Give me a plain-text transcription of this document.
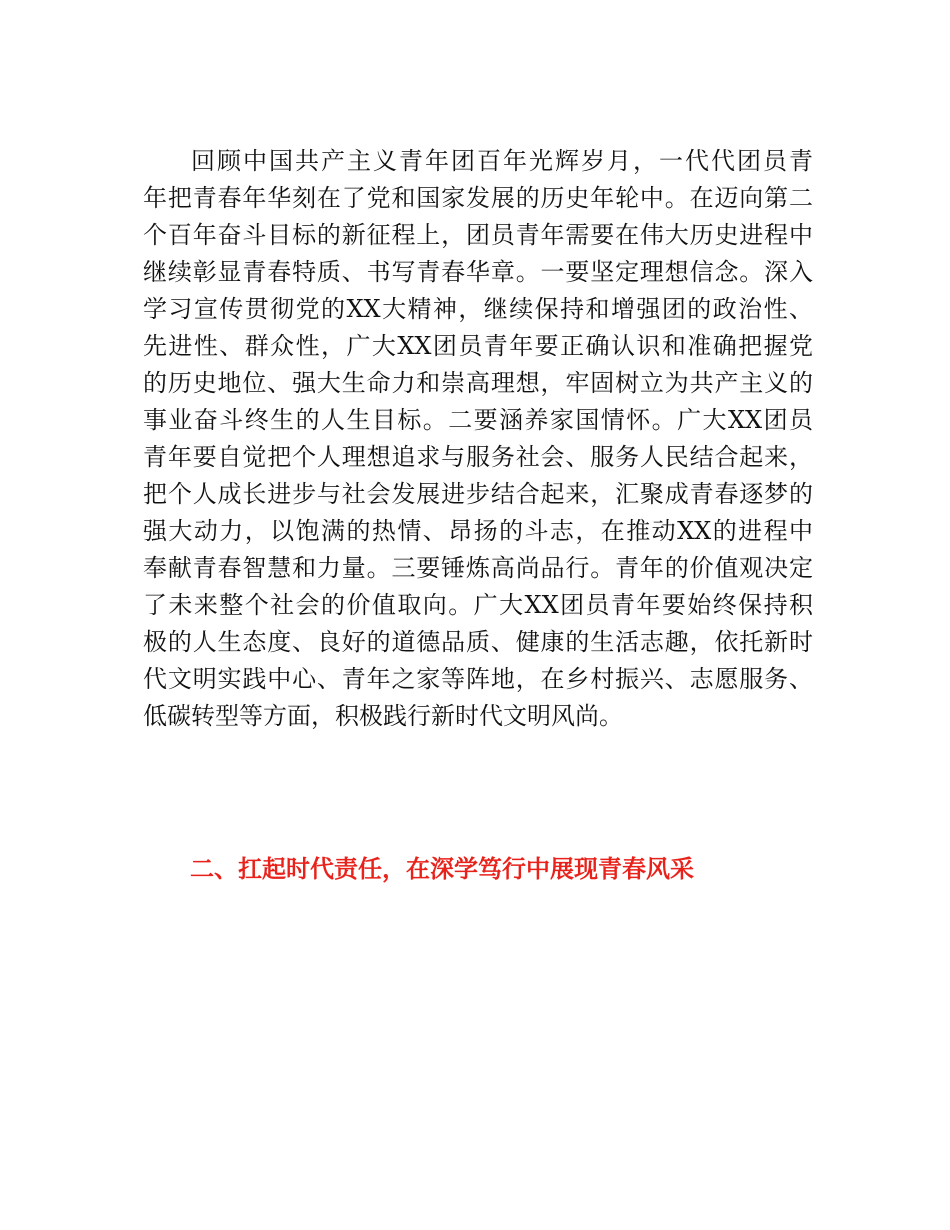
回顾中国共产主义青年团百年光辉岁月，一代代团员青
年把青春年华刻在了党和国家发展的历史年轮中。在迈向第二
个百年奋斗目标的新征程上，团员青年需要在伟大历史进程中
继续彰显青春特质、书写青春华章。一要坚定理想信念。深入
学习宣传贯彻党的XX大精神，继续保持和增强团的政治性、
先进性、群众性，广大XX团员青年要正确认识和准确把握党
的历史地位、强大生命力和崇高理想，牢固树立为共产主义的
事业奋斗终生的人生目标。二要涵养家国情怀。广大XX团员
青年要自觉把个人理想追求与服务社会、服务人民结合起来，
把个人成长进步与社会发展进步结合起来，汇聚成青春逐梦的
强大动力，以饱满的热情、昂扬的斗志，在推动XX的进程中
奉献青春智慧和力量。三要锤炼高尚品行。青年的价值观决定
了未来整个社会的价值取向。广大XX团员青年要始终保持积
极的人生态度、良好的道德品质、健康的生活志趣，依托新时
代文明实践中心、青年之家等阵地，在乡村振兴、志愿服务、
低碳转型等方面，积极践行新时代文明风尚。
二、扛起时代责任，在深学笃行中展现青春风采
